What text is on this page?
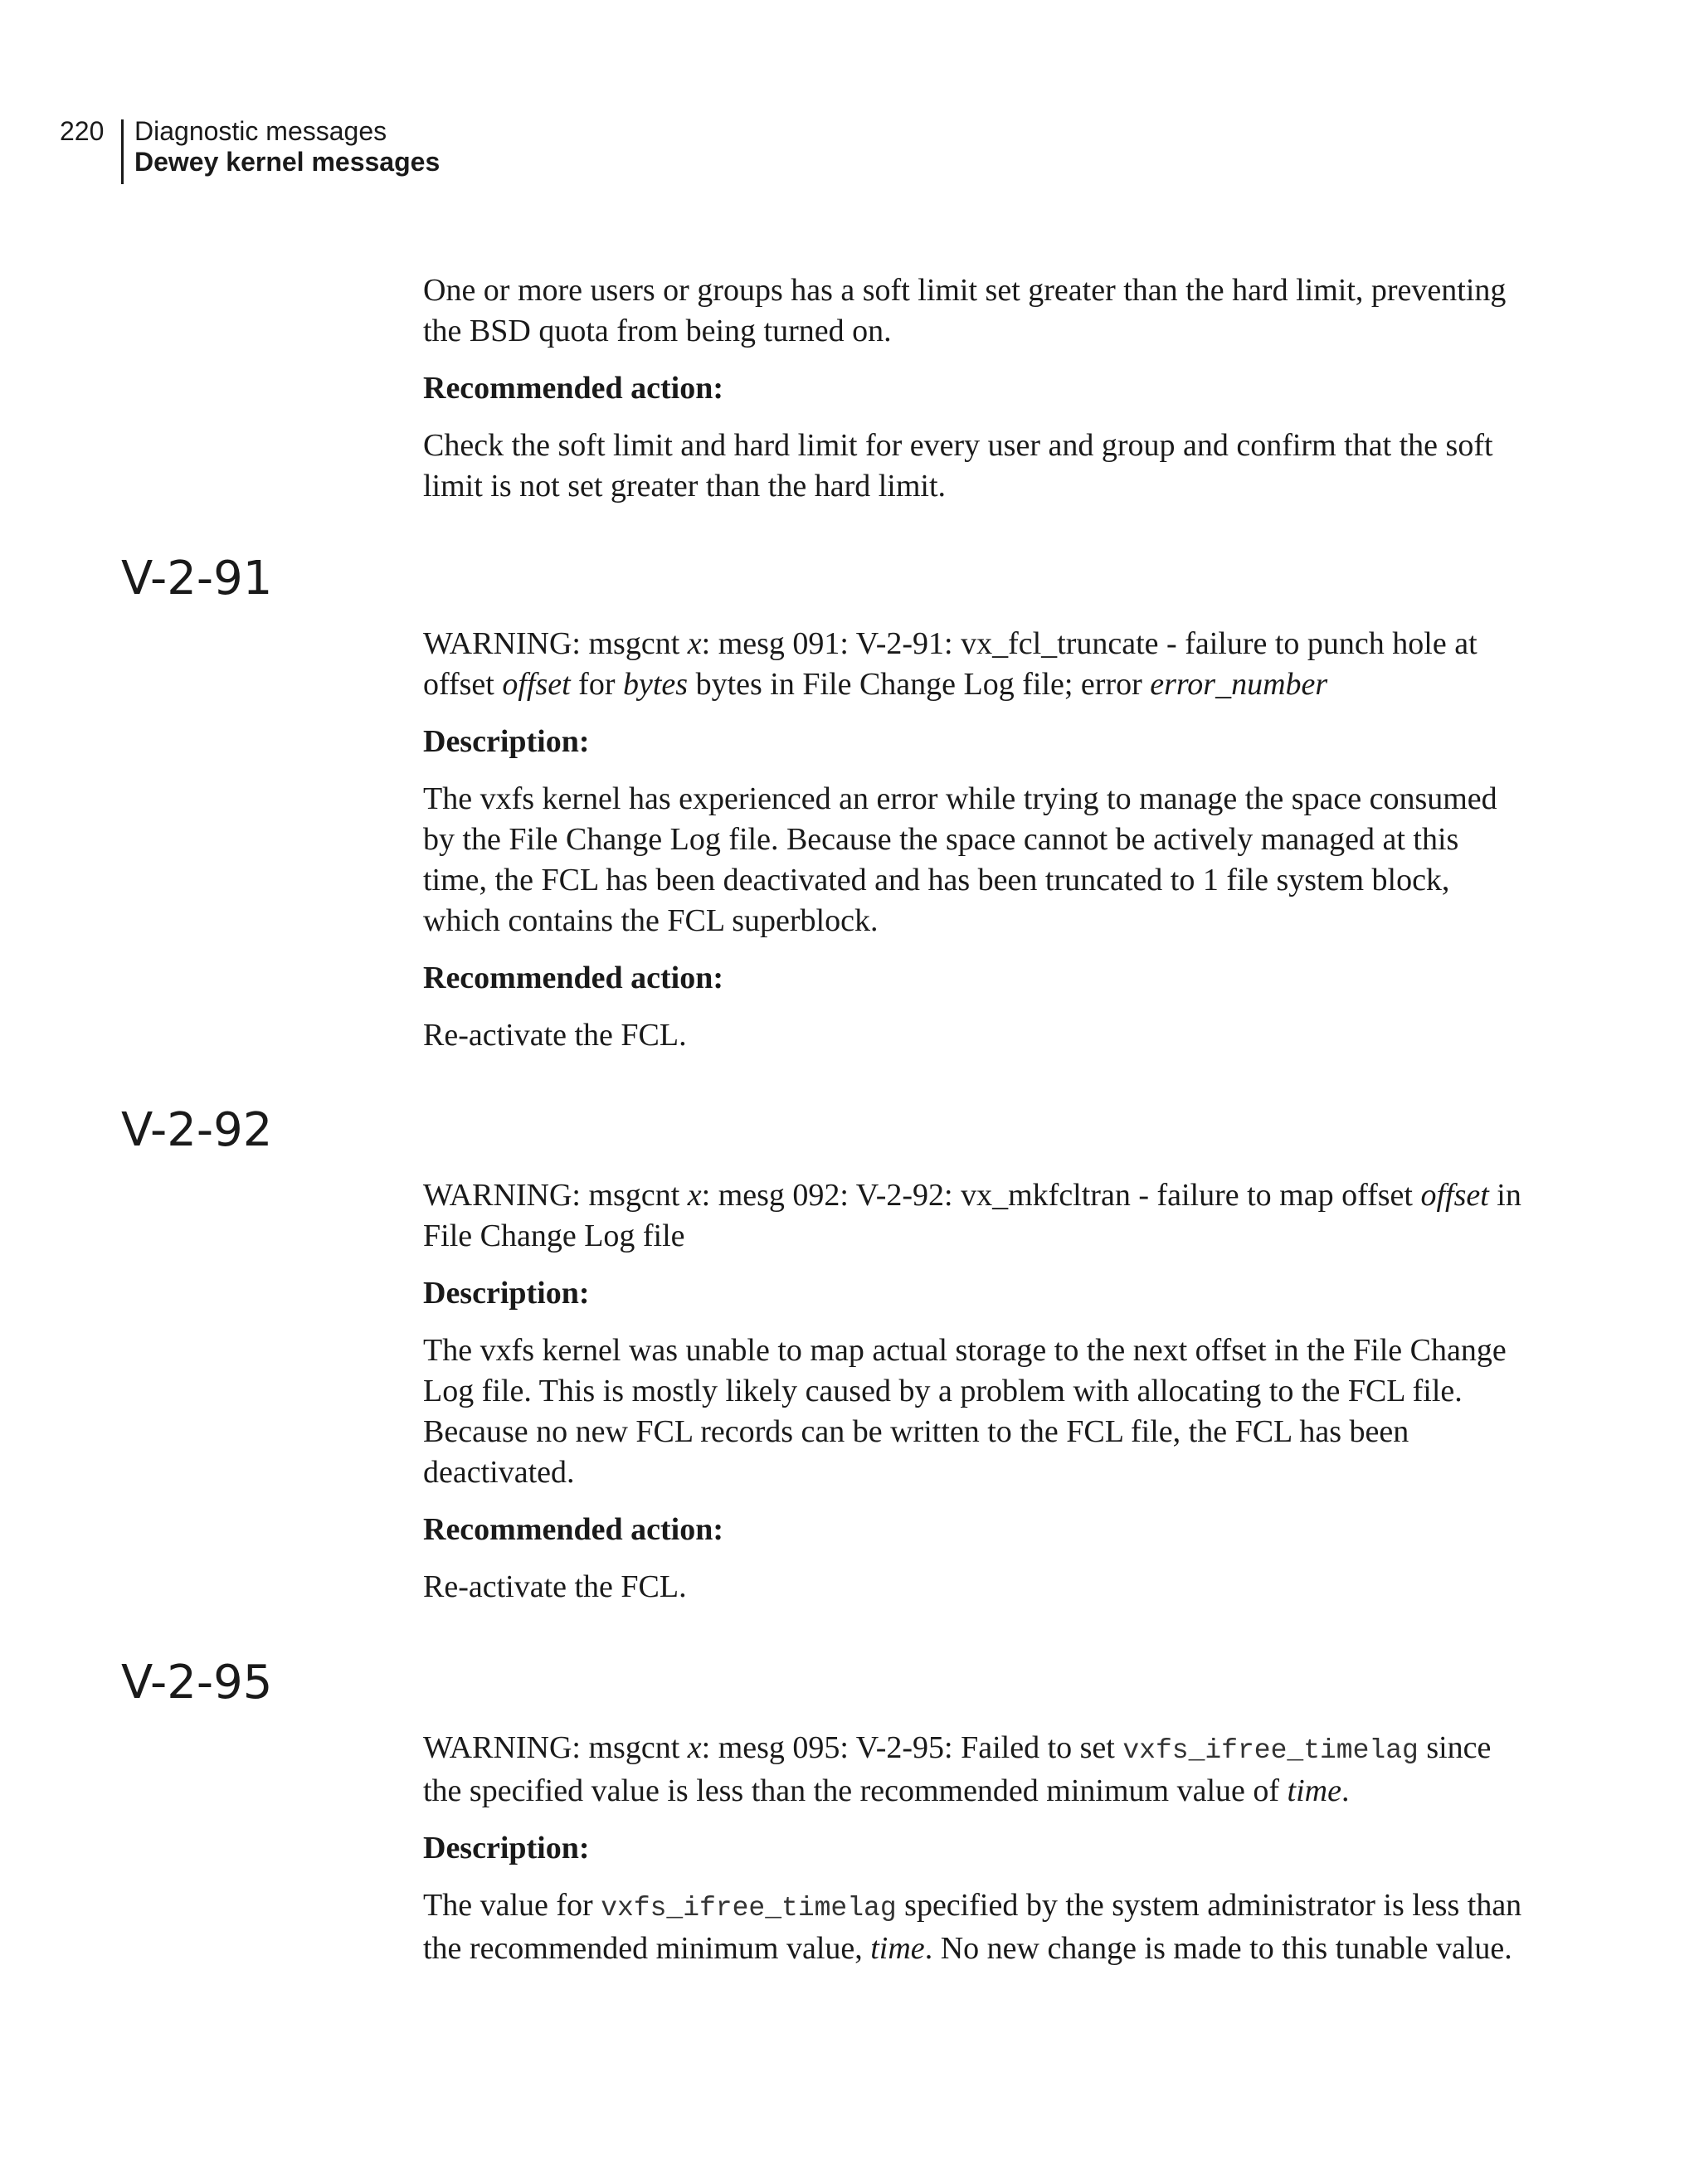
220 Diagnostic messages
Dewey kernel messages

One or more users or groups has a soft limit set greater than the hard limit, preventing the BSD quota from being turned on.

Recommended action:

Check the soft limit and hard limit for every user and group and confirm that the soft limit is not set greater than the hard limit.

V-2-91

WARNING: msgcnt x: mesg 091: V-2-91: vx_fcl_truncate - failure to punch hole at offset offset for bytes bytes in File Change Log file; error error_number

Description:

The vxfs kernel has experienced an error while trying to manage the space consumed by the File Change Log file. Because the space cannot be actively managed at this time, the FCL has been deactivated and has been truncated to 1 file system block, which contains the FCL superblock.

Recommended action:

Re-activate the FCL.

V-2-92

WARNING: msgcnt x: mesg 092: V-2-92: vx_mkfcltran - failure to map offset offset in File Change Log file

Description:

The vxfs kernel was unable to map actual storage to the next offset in the File Change Log file. This is mostly likely caused by a problem with allocating to the FCL file. Because no new FCL records can be written to the FCL file, the FCL has been deactivated.

Recommended action:

Re-activate the FCL.

V-2-95

WARNING: msgcnt x: mesg 095: V-2-95: Failed to set vxfs_ifree_timelag since the specified value is less than the recommended minimum value of time.

Description:

The value for vxfs_ifree_timelag specified by the system administrator is less than the recommended minimum value, time. No new change is made to this tunable value.
